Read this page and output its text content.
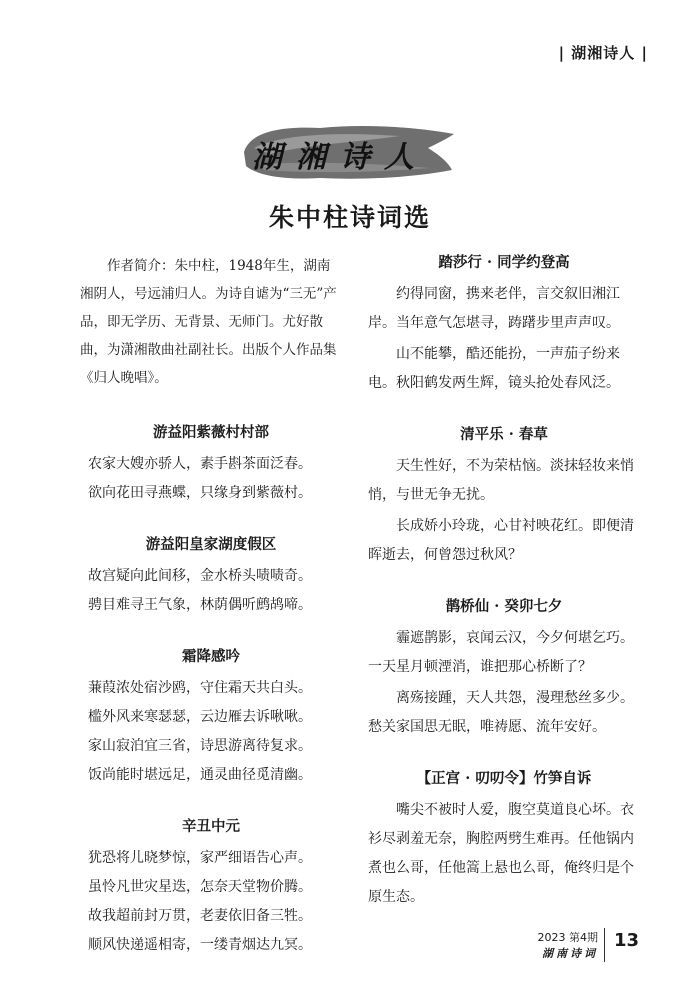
| 湖湘诗人 |
湖湘诗人
朱中柱诗词选

作者简介：朱中柱，1948年生，湖南湘阴人，号远浦归人。为诗自谑为“三无”产品，即无学历、无背景、无师门。尤好散曲，为潇湘散曲社副社长。出版个人作品集《归人晚唱》。

游益阳紫薇村村部

农家大嫂亦骄人，素手斟茶面泛春。

欲向花田寻燕蝶，只缘身到紫薇村。

游益阳皇家湖度假区

故宫疑向此间移，金水桥头啧啧奇。

骋目难寻王气象，林荫偶听鹧鸪啼。

霜降感吟

蒹葭浓处宿沙鸥，守住霜天共白头。

槛外风来寒瑟瑟，云边雁去诉啾啾。

家山寂泊宜三省，诗思游离待复求。

饭尚能时堪远足，通灵曲径觅清幽。

辛丑中元

犹恐将儿晓梦惊，家严细语告心声。

虽怜凡世灾星迭，怎奈天堂物价腾。

故我超前封万贯，老妻依旧备三牲。

顺风快递遥相寄，一缕青烟达九冥。

踏莎行 · 同学约登高

约得同窗，携来老伴，言交叙旧湘江岸。当年意气怎堪寻，踌躇步里声声叹。

山不能攀，酷还能扮，一声茄子纷来电。秋阳鹤发两生辉，镜头抢处春风泛。

清平乐 · 春草

天生性好，不为荣枯恼。淡抹轻妆来悄悄，与世无争无扰。

长成娇小玲珑，心甘衬映花红。即便清晖逝去，何曾怨过秋风？

鹊桥仙 · 癸卯七夕

霾遮鹊影，哀闻云汉，今夕何堪乞巧。一天星月顿湮消，谁把那心桥断了？

离殇接踵，天人共怨，漫理愁丝多少。愁关家国思无眠，唯祷愿、流年安好。

【正宫 · 叨叨令】竹笋自诉

嘴尖不被时人爱，腹空莫道良心坏。衣衫尽剥羞无奈，胸腔两劈生难再。任他锅内煮也么哥，任他篙上悬也么哥，俺终归是个原生态。

2023 第4期
湖南诗词
13
